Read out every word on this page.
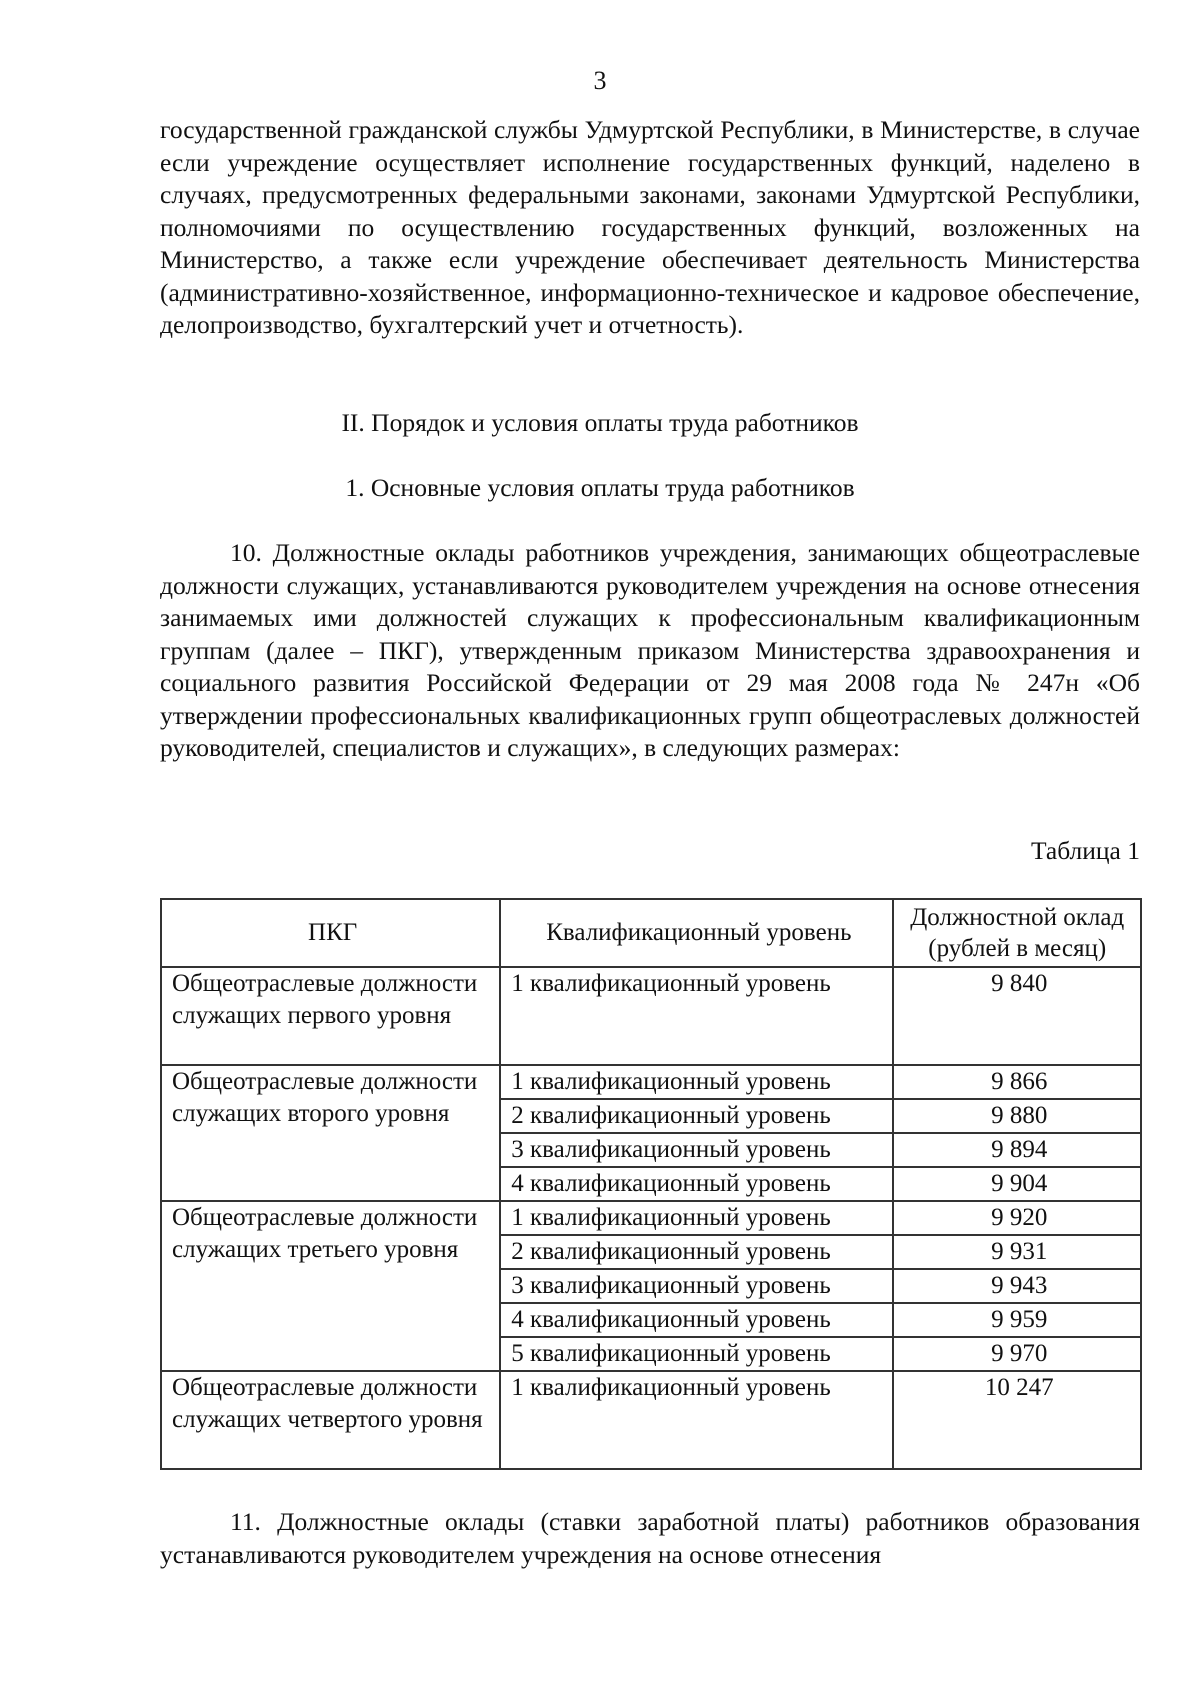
3
государственной гражданской службы Удмуртской Республики, в Министерстве, в случае если учреждение осуществляет исполнение государственных функций, наделено в случаях, предусмотренных федеральными законами, законами Удмуртской Республики, полномочиями по осуществлению государственных функций, возложенных на Министерство, а также если учреждение обеспечивает деятельность Министерства (административно-хозяйственное, информационно-техническое и кадровое обеспечение, делопроизводство, бухгалтерский учет и отчетность).
II. Порядок и условия оплаты труда работников
1. Основные условия оплаты труда работников
10. Должностные оклады работников учреждения, занимающих общеотраслевые должности служащих, устанавливаются руководителем учреждения на основе отнесения занимаемых ими должностей служащих к профессиональным квалификационным группам (далее – ПКГ), утвержденным приказом Министерства здравоохранения и социального развития Российской Федерации от 29 мая 2008 года № 247н «Об утверждении профессиональных квалификационных групп общеотраслевых должностей руководителей, специалистов и служащих», в следующих размерах:
Таблица 1
ПКГ	Квалификационный уровень	Должностной оклад (рублей в месяц)
Общеотраслевые должности служащих первого уровня	1 квалификационный уровень	9 840
Общеотраслевые должности служащих второго уровня	1 квалификационный уровень	9 866
	2 квалификационный уровень	9 880
	3 квалификационный уровень	9 894
	4 квалификационный уровень	9 904
Общеотраслевые должности служащих третьего уровня	1 квалификационный уровень	9 920
	2 квалификационный уровень	9 931
	3 квалификационный уровень	9 943
	4 квалификационный уровень	9 959
	5 квалификационный уровень	9 970
Общеотраслевые должности служащих четвертого уровня	1 квалификационный уровень	10 247
11. Должностные оклады (ставки заработной платы) работников образования устанавливаются руководителем учреждения на основе отнесения
